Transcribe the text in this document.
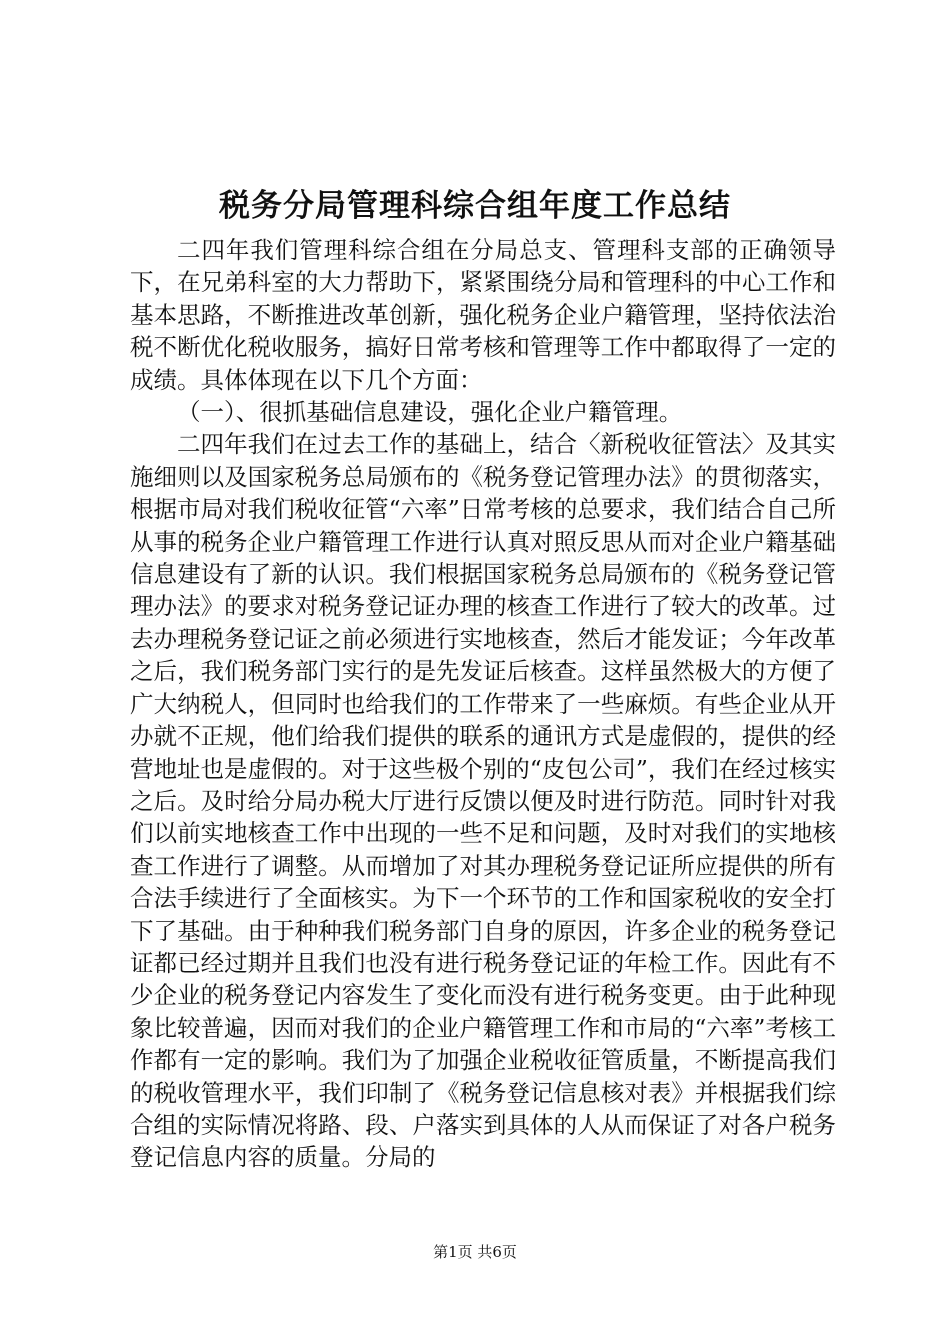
税务分局管理科综合组年度工作总结

二四年我们管理科综合组在分局总支、管理科支部的正确领导下，在兄弟科室的大力帮助下，紧紧围绕分局和管理科的中心工作和基本思路，不断推进改革创新，强化税务企业户籍管理，坚持依法治税不断优化税收服务，搞好日常考核和管理等工作中都取得了一定的成绩。具体体现在以下几个方面：

（一）、很抓基础信息建设，强化企业户籍管理。

二四年我们在过去工作的基础上，结合〈新税收征管法〉及其实施细则以及国家税务总局颁布的《税务登记管理办法》的贯彻落实，根据市局对我们税收征管“六率”日常考核的总要求，我们结合自己所从事的税务企业户籍管理工作进行认真对照反思从而对企业户籍基础信息建设有了新的认识。我们根据国家税务总局颁布的《税务登记管理办法》的要求对税务登记证办理的核查工作进行了较大的改革。过去办理税务登记证之前必须进行实地核查，然后才能发证；今年改革之后，我们税务部门实行的是先发证后核查。这样虽然极大的方便了广大纳税人，但同时也给我们的工作带来了一些麻烦。有些企业从开办就不正规，他们给我们提供的联系的通讯方式是虚假的，提供的经营地址也是虚假的。对于这些极个别的“皮包公司”，我们在经过核实之后。及时给分局办税大厅进行反馈以便及时进行防范。同时针对我们以前实地核查工作中出现的一些不足和问题，及时对我们的实地核查工作进行了调整。从而增加了对其办理税务登记证所应提供的所有合法手续进行了全面核实。为下一个环节的工作和国家税收的安全打下了基础。由于种种我们税务部门自身的原因，许多企业的税务登记证都已经过期并且我们也没有进行税务登记证的年检工作。因此有不少企业的税务登记内容发生了变化而没有进行税务变更。由于此种现象比较普遍，因而对我们的企业户籍管理工作和市局的“六率”考核工作都有一定的影响。我们为了加强企业税收征管质量，不断提高我们的税收管理水平，我们印制了《税务登记信息核对表》并根据我们综合组的实际情况将路、段、户落实到具体的人从而保证了对各户税务登记信息内容的质量。分局的

第1页 共6页
